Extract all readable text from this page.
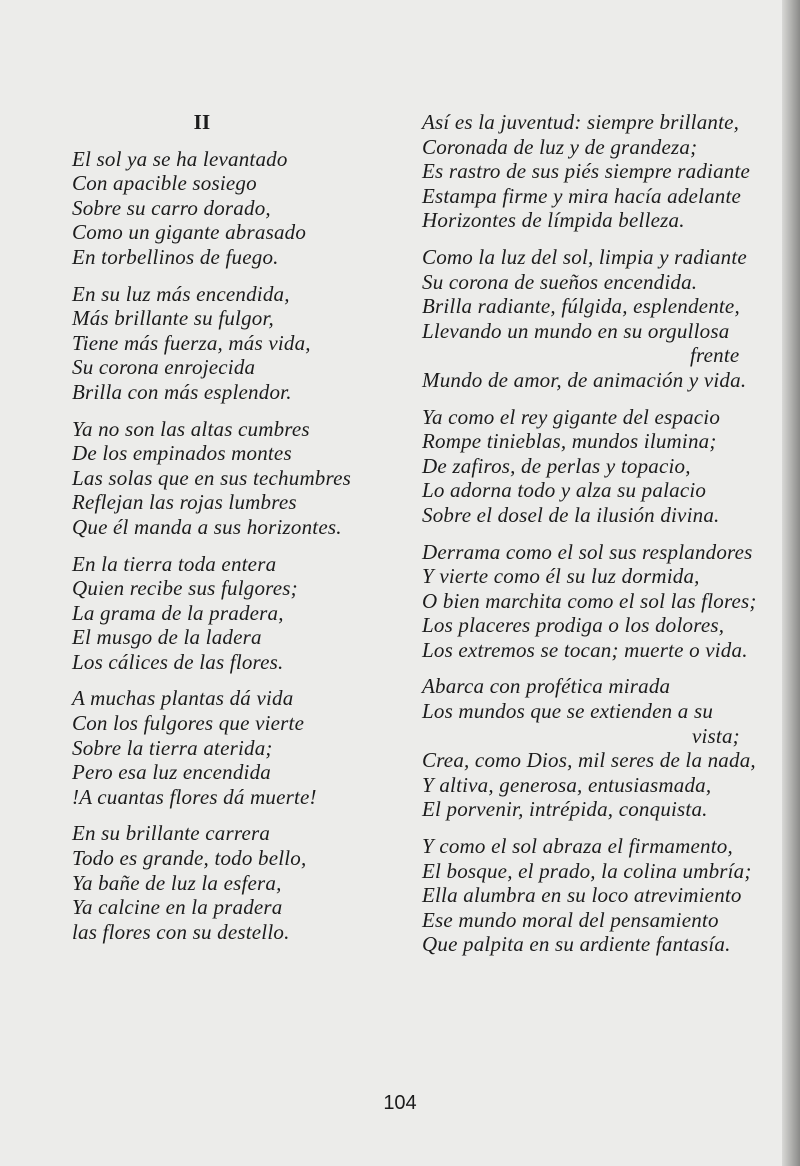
II
El sol ya se ha levantado
Con apacible sosiego
Sobre su carro dorado,
Como un gigante abrasado
En torbellinos de fuego.
En su luz más encendida,
Más brillante su fulgor,
Tiene más fuerza, más vida,
Su corona enrojecida
Brilla con más esplendor.
Ya no son las altas cumbres
De los empinados montes
Las solas que en sus techumbres
Reflejan las rojas lumbres
Que él manda a sus horizontes.
En la tierra toda entera
Quien recibe sus fulgores;
La grama de la pradera,
El musgo de la ladera
Los cálices de las flores.
A muchas plantas dá vida
Con los fulgores que vierte
Sobre la tierra aterida;
Pero esa luz encendida
!A cuantas flores dá muerte!
En su brillante carrera
Todo es grande, todo bello,
Ya bañe de luz la esfera,
Ya calcine en la pradera
las flores con su destello.
Así es la juventud: siempre brillante,
Coronada de luz y de grandeza;
Es rastro de sus piés siempre radiante
Estampa firme y mira hacía adelante
Horizontes de límpida belleza.
Como la luz del sol, limpia y radiante
Su corona de sueños encendida.
Brilla radiante, fúlgida, esplendente,
Llevando un mundo en su orgullosa
frente
Mundo de amor, de animación y vida.
Ya como el rey gigante del espacio
Rompe tinieblas, mundos ilumina;
De zafiros, de perlas y topacio,
Lo adorna todo y alza su palacio
Sobre el dosel de la ilusión divina.
Derrama como el sol sus resplandores
Y vierte como él su luz dormida,
O bien marchita como el sol las flores;
Los placeres prodiga o los dolores,
Los extremos se tocan; muerte o vida.
Abarca con profética mirada
Los mundos que se extienden a su
vista;
Crea, como Dios, mil seres de la nada,
Y altiva, generosa, entusiasmada,
El porvenir, intrépida, conquista.
Y como el sol abraza el firmamento,
El bosque, el prado, la colina umbría;
Ella alumbra en su loco atrevimiento
Ese mundo moral del pensamiento
Que palpita en su ardiente fantasía.
104
